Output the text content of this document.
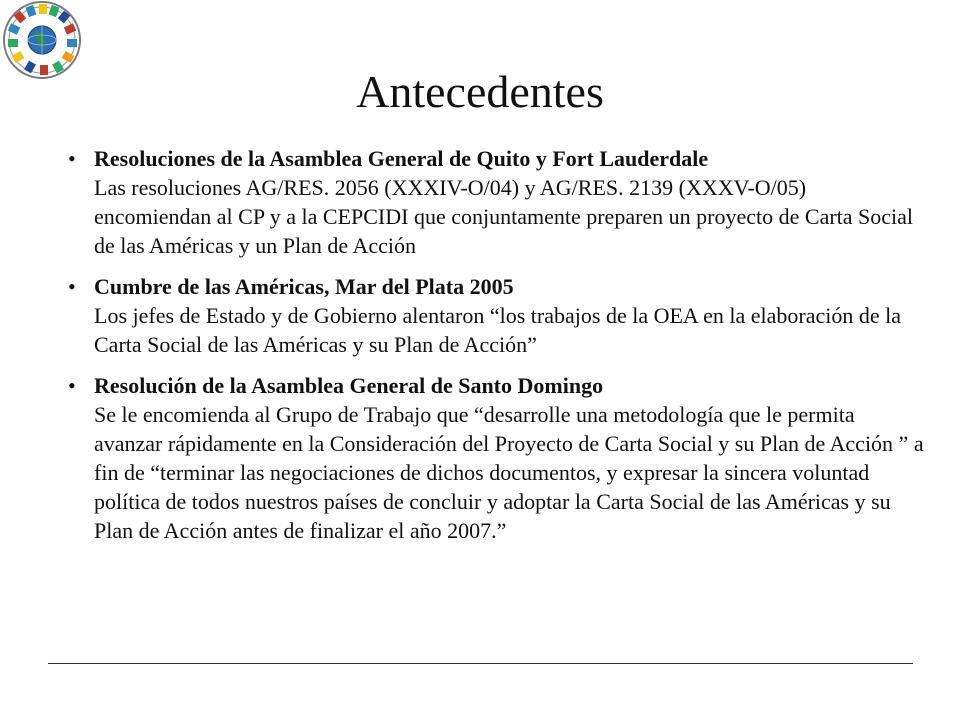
Antecedentes
• Resoluciones de la Asamblea General de Quito y Fort Lauderdale
Las resoluciones AG/RES. 2056 (XXXIV-O/04) y AG/RES. 2139 (XXXV-O/05) encomiendan al CP y a la CEPCIDI que conjuntamente preparen un proyecto de Carta Social de las Américas y un Plan de Acción
• Cumbre de las Américas, Mar del Plata 2005
Los jefes de Estado y de Gobierno alentaron “los trabajos de la OEA en la elaboración de la Carta Social de las Américas y su Plan de Acción”
• Resolución de la Asamblea General de Santo Domingo
Se le encomienda al Grupo de Trabajo que “desarrolle una metodología que le permita avanzar rápidamente en la Consideración del Proyecto de Carta Social y su Plan de Acción ” a fin de “terminar las negociaciones de dichos documentos, y expresar la sincera voluntad política de todos nuestros países de concluir y adoptar la Carta Social de las Américas y su Plan de Acción antes de finalizar el año 2007.”
